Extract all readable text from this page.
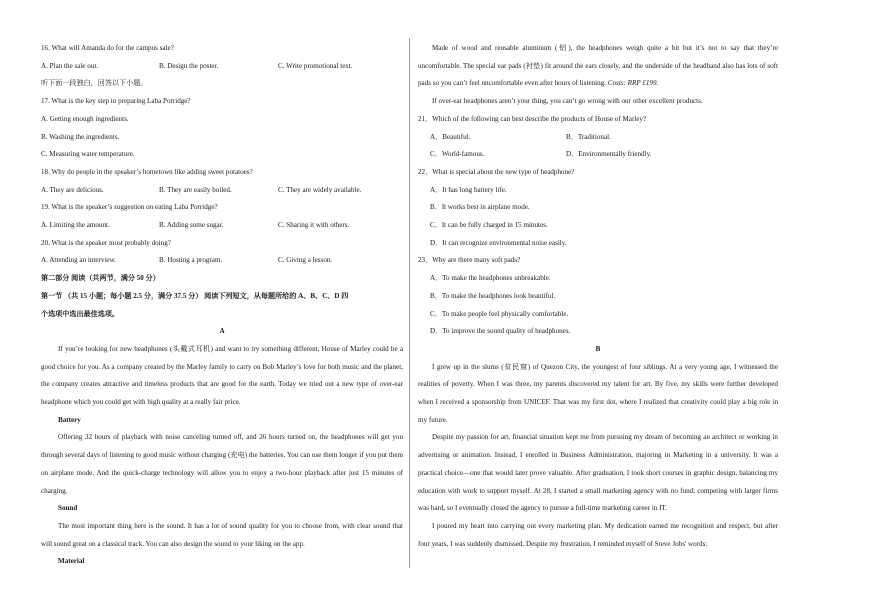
16. What will Amanda do for the campus sale?
A. Plan the sale out.	B. Design the poster.	C. Write promotional text.
听下面一段独白，回答以下小题。
17. What is the key step in preparing Laba Porridge?
A. Getting enough ingredients.
B. Washing the ingredients.
C. Measuring water temperature.
18. Why do people in the speaker’s hometown like adding sweet potatoes?
A. They are delicious.	B. They are easily boiled.	C. They are widely available.
19. What is the speaker’s suggestion on eating Laba Porridge?
A. Limiting the amount.	B. Adding some sugar.	C. Sharing it with others.
20. What is the speaker most probably doing?
A. Attending an interview.	B. Hosting a program.	C. Giving a lesson.
第二部分 阅读（共两节，满分 50 分）
第一节 （共 15 小题；每小题 2.5 分，满分 37.5 分） 阅读下列短文，从每题所给的 A、B、C、D 四
个选项中选出最佳选项。
A
If you’re looking for new headphones (头戴式耳机) and want to try something different, House of Marley could be a good choice for you. As a company created by the Marley family to carry on Bob Marley’s love for both music and the planet, the company creates attractive and timeless products that are good for the earth. Today we tried out a new type of over-ear headphone which you could get with high quality at a really fair price.
Battery
Offering 32 hours of playback with noise canceling turned off, and 26 hours turned on, the headphones will get you through several days of listening to good music without charging (充电) the batteries. You can use them longer if you put them on airplane mode. And the quick-charge technology will allow you to enjoy a two-hour playback after just 15 minutes of charging.
Sound
The most important thing here is the sound. It has a lot of sound quality for you to choose from, with clear sound that will sound great on a classical track. You can also design the sound to your liking on the app.
Material
Made of wood and reusable aluminum (铝), the headphones weigh quite a bit but it’s not to say that they’re uncomfortable. The special ear pads (衬垫) fit around the ears closely, and the underside of the headband also has lots of soft pads so you can’t feel uncomfortable even after hours of listening. Costs: RRP £199.
If over-ear headphones aren’t your thing, you can’t go wrong with our other excellent products.
21．Which of the following can best describe the products of House of Marley?
A．Beautiful.	B．Traditional.
C．World-famous.	D．Environmentally friendly.
22．What is special about the new type of headphone?
A．It has long battery life.
B．It works best in airplane mode.
C．It can be fully charged in 15 minutes.
D．It can recognize environmental noise easily.
23．Why are there many soft pads?
A．To make the headphones unbreakable.
B．To make the headphones look beautiful.
C．To make people feel physically comfortable.
D．To improve the sound quality of headphones.
B
I grew up in the slums (贫民窟) of Quezon City, the youngest of four siblings. At a very young age, I witnessed the realities of poverty. When I was three, my parents discovered my talent for art. By five, my skills were further developed when I received a sponsorship from UNICEF. That was my first dot, where I realized that creativity could play a big role in my future.
Despite my passion for art, financial situation kept me from pursuing my dream of becoming an architect or working in advertising or animation. Instead, I enrolled in Business Administration, majoring in Marketing in a university. It was a practical choice—one that would later prove valuable. After graduation, I took short courses in graphic design, balancing my education with work to support myself. At 28, I started a small marketing agency with no fund; competing with larger firms was hard, so I eventually closed the agency to pursue a full-time marketing career in IT.
I poured my heart into carrying out every marketing plan. My dedication earned me recognition and respect, but after four years, I was suddenly dismissed. Despite my frustration, I reminded myself of Steve Jobs' words:
